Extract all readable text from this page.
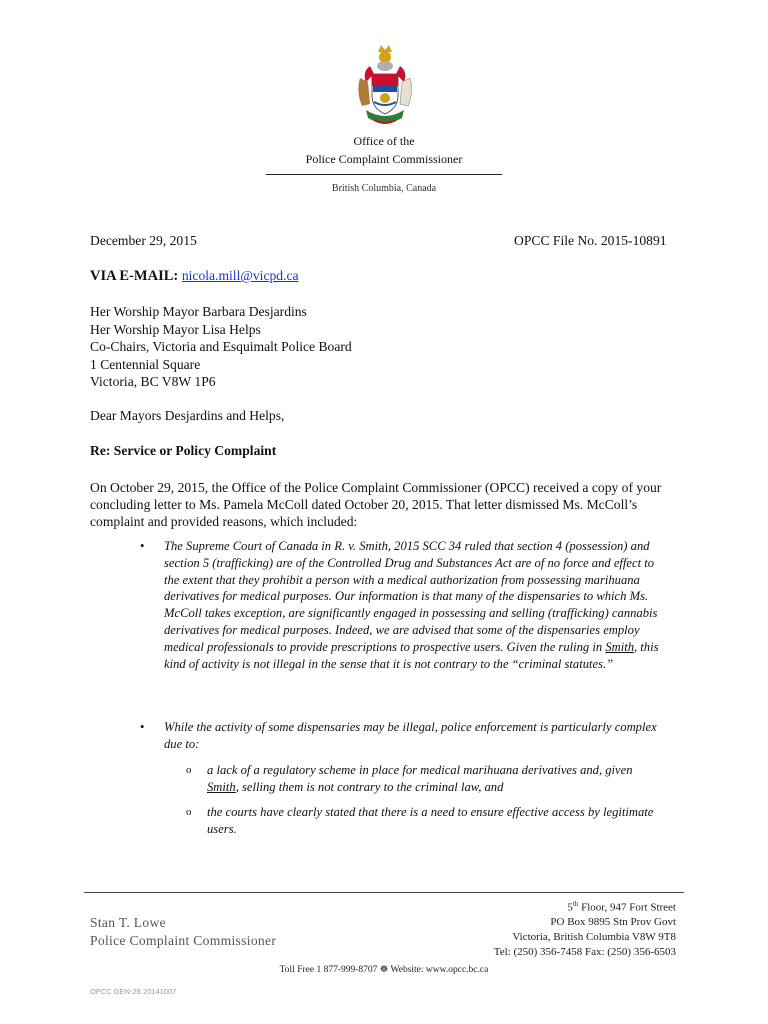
Office of the
Police Complaint Commissioner
British Columbia, Canada
December 29, 2015	OPCC File No. 2015-10891
VIA E-MAIL: nicola.mill@vicpd.ca
Her Worship Mayor Barbara Desjardins
Her Worship Mayor Lisa Helps
Co-Chairs, Victoria and Esquimalt Police Board
1 Centennial Square
Victoria, BC V8W 1P6
Dear Mayors Desjardins and Helps,
Re: Service or Policy Complaint
On October 29, 2015, the Office of the Police Complaint Commissioner (OPCC) received a copy of your concluding letter to Ms. Pamela McColl dated October 20, 2015. That letter dismissed Ms. McColl’s complaint and provided reasons, which included:
• The Supreme Court of Canada in R. v. Smith, 2015 SCC 34 ruled that section 4 (possession) and section 5 (trafficking) are of the Controlled Drug and Substances Act are of no force and effect to the extent that they prohibit a person with a medical authorization from possessing marihuana derivatives for medical purposes. Our information is that many of the dispensaries to which Ms. McColl takes exception, are significantly engaged in possessing and selling (trafficking) cannabis derivatives for medical purposes. Indeed, we are advised that some of the dispensaries employ medical professionals to provide prescriptions to prospective users. Given the ruling in Smith, this kind of activity is not illegal in the sense that it is not contrary to the “criminal statutes.”
• While the activity of some dispensaries may be illegal, police enforcement is particularly complex due to:
o a lack of a regulatory scheme in place for medical marihuana derivatives and, given Smith, selling them is not contrary to the criminal law, and
o the courts have clearly stated that there is a need to ensure effective access by legitimate users.
Stan T. Lowe
Police Complaint Commissioner
5th Floor, 947 Fort Street
PO Box 9895 Stn Prov Govt
Victoria, British Columbia V8W 9T8
Tel: (250) 356-7458 Fax: (250) 356-6503
Toll Free 1 877-999-8707 ☸ Website: www.opcc.bc.ca
OPCC GEN-28 20141007
